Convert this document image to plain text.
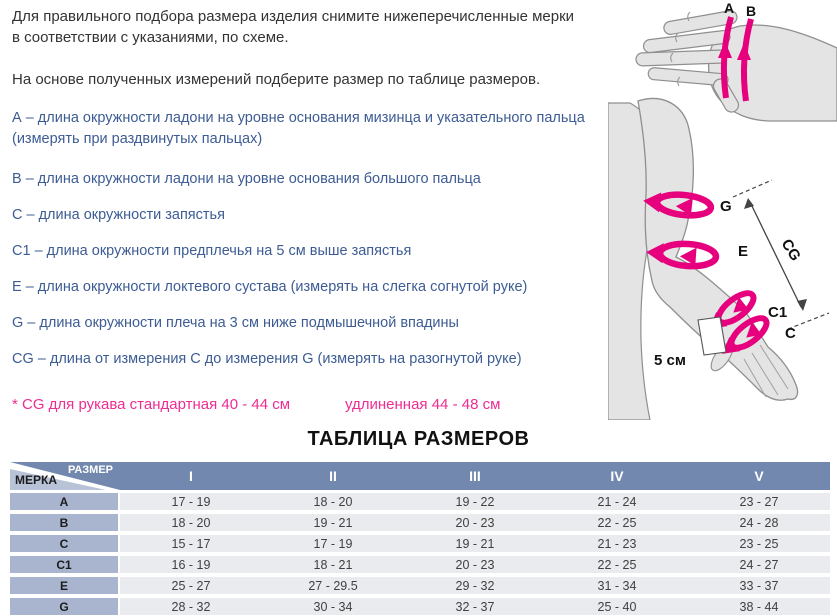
Для правильного подбора размера изделия снимите нижеперечисленные мерки в соответствии с указаниями, по схеме.

На основе полученных измерений подберите размер по таблице размеров.

А – длина окружности ладони на уровне основания мизинца и указательного пальца (измерять при раздвинутых пальцах)

В – длина окружности ладони на уровне основания большого пальца

С – длина окружности запястья

C1 – длина окружности предплечья на 5 см выше запястья

Е – длина окружности локтевого сустава (измерять на слегка согнутой руке)

G – длина окружности плеча на 3 см ниже подмышечной впадины

CG – длина от измерения С до измерения G (измерять на разогнутой руке)

* CG для рукава стандартная 40 - 44 см	удлиненная 44 - 48 см
ТАБЛИЦА РАЗМЕРОВ
РАЗМЕР
МЕРКА	I	II	III	IV	V
A	17 - 19	18 - 20	19 - 22	21 - 24	23 - 27
B	18 - 20	19 - 21	20 - 23	22 - 25	24 - 28
C	15 - 17	17 - 19	19 - 21	21 - 23	23 - 25
C1	16 - 19	18 - 21	20 - 23	22 - 25	24 - 27
E	25 - 27	27 - 29.5	29 - 32	31 - 34	33 - 37
G	28 - 32	30 - 34	32 - 37	25 - 40	38 - 44
A B
G
E
C1
C
CG
5 см
